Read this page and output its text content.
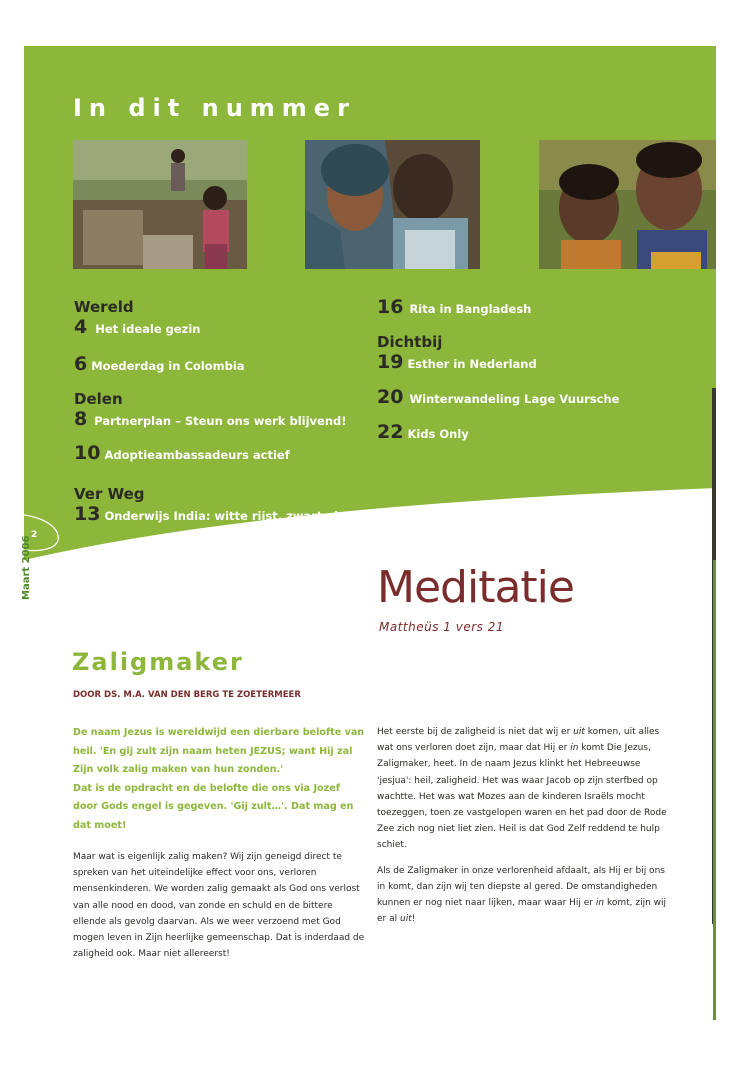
In dit nummer
Wereld
4 Het ideale gezin
6 Moederdag in Colombia
Delen
8 Partnerplan – Steun ons werk blijvend!
10 Adoptieambassadeurs actief
Ver Weg
13 Onderwijs India: witte rijst, zwarte borden
16 Rita in Bangladesh
Dichtbij
19 Esther in Nederland
20 Winterwandeling Lage Vuursche
22 Kids Only
2
Maart 2006	Meditatie
Mattheüs 1 vers 21
Zaligmaker
DOOR DS. M.A. VAN DEN BERG TE ZOETERMEER

De naam Jezus is wereldwijd een dierbare belofte van heil. 'En gij zult zijn naam heten JEZUS; want Hij zal Zijn volk zalig maken van hun zonden.'

Dat is de opdracht en de belofte die ons via Jozef door Gods engel is gegeven. 'Gij zult…'. Dat mag en dat moet!

Maar wat is eigenlijk zalig maken? Wij zijn geneigd direct te spreken van het uiteindelijke effect voor ons, verloren mensenkinderen. We worden zalig gemaakt als God ons verlost van alle nood en dood, van zonde en schuld en de bittere ellende als gevolg daarvan. Als we weer verzoend met God mogen leven in Zijn heerlijke gemeenschap. Dat is inderdaad de zaligheid ook. Maar niet allereerst!

Het eerste bij de zaligheid is niet dat wij er uit komen, uit alles wat ons verloren doet zijn, maar dat Hij er in komt Die Jezus, Zaligmaker, heet. In de naam Jezus klinkt het Hebreeuwse 'jesjua': heil, zaligheid. Het was waar Jacob op zijn sterfbed op wachtte. Het was wat Mozes aan de kinderen Israëls mocht toezeggen, toen ze vastgelopen waren en het pad door de Rode Zee zich nog niet liet zien. Heil is dat God Zelf reddend te hulp schiet.

Als de Zaligmaker in onze verlorenheid afdaalt, als Hij er bij ons in komt, dan zijn wij ten diepste al gered. De omstandigheden kunnen er nog niet naar lijken, maar waar Hij er in komt, zijn wij er al uit!
